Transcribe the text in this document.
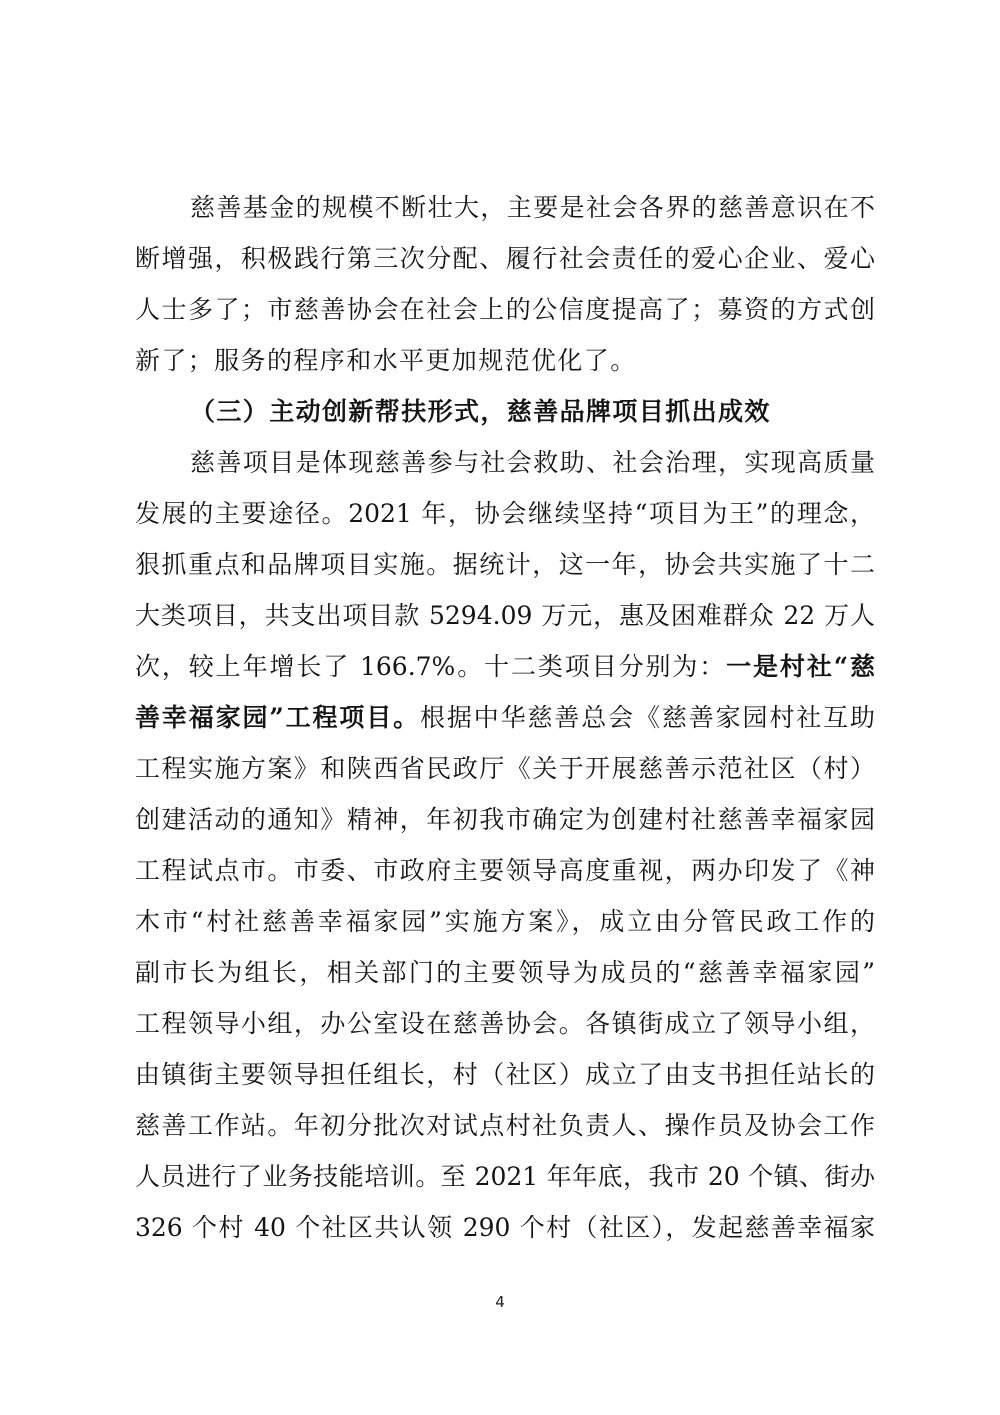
慈善基金的规模不断壮大，主要是社会各界的慈善意识在不
断增强，积极践行第三次分配、履行社会责任的爱心企业、爱心
人士多了；市慈善协会在社会上的公信度提高了；募资的方式创
新了；服务的程序和水平更加规范优化了。
（三）主动创新帮扶形式，慈善品牌项目抓出成效
慈善项目是体现慈善参与社会救助、社会治理，实现高质量
发展的主要途径。2021 年，协会继续坚持“项目为王”的理念，
狠抓重点和品牌项目实施。据统计，这一年，协会共实施了十二
大类项目，共支出项目款 5294.09 万元，惠及困难群众 22 万人
次，较上年增长了 166.7%。十二类项目分别为：一是村社“慈
善幸福家园”工程项目。根据中华慈善总会《慈善家园村社互助
工程实施方案》和陕西省民政厅《关于开展慈善示范社区（村）
创建活动的通知》精神，年初我市确定为创建村社慈善幸福家园
工程试点市。市委、市政府主要领导高度重视，两办印发了《神
木市“村社慈善幸福家园”实施方案》，成立由分管民政工作的
副市长为组长，相关部门的主要领导为成员的“慈善幸福家园”
工程领导小组，办公室设在慈善协会。各镇街成立了领导小组，
由镇街主要领导担任组长，村（社区）成立了由支书担任站长的
慈善工作站。年初分批次对试点村社负责人、操作员及协会工作
人员进行了业务技能培训。至 2021 年年底，我市 20 个镇、街办
326 个村 40 个社区共认领 290 个村（社区），发起慈善幸福家
4
